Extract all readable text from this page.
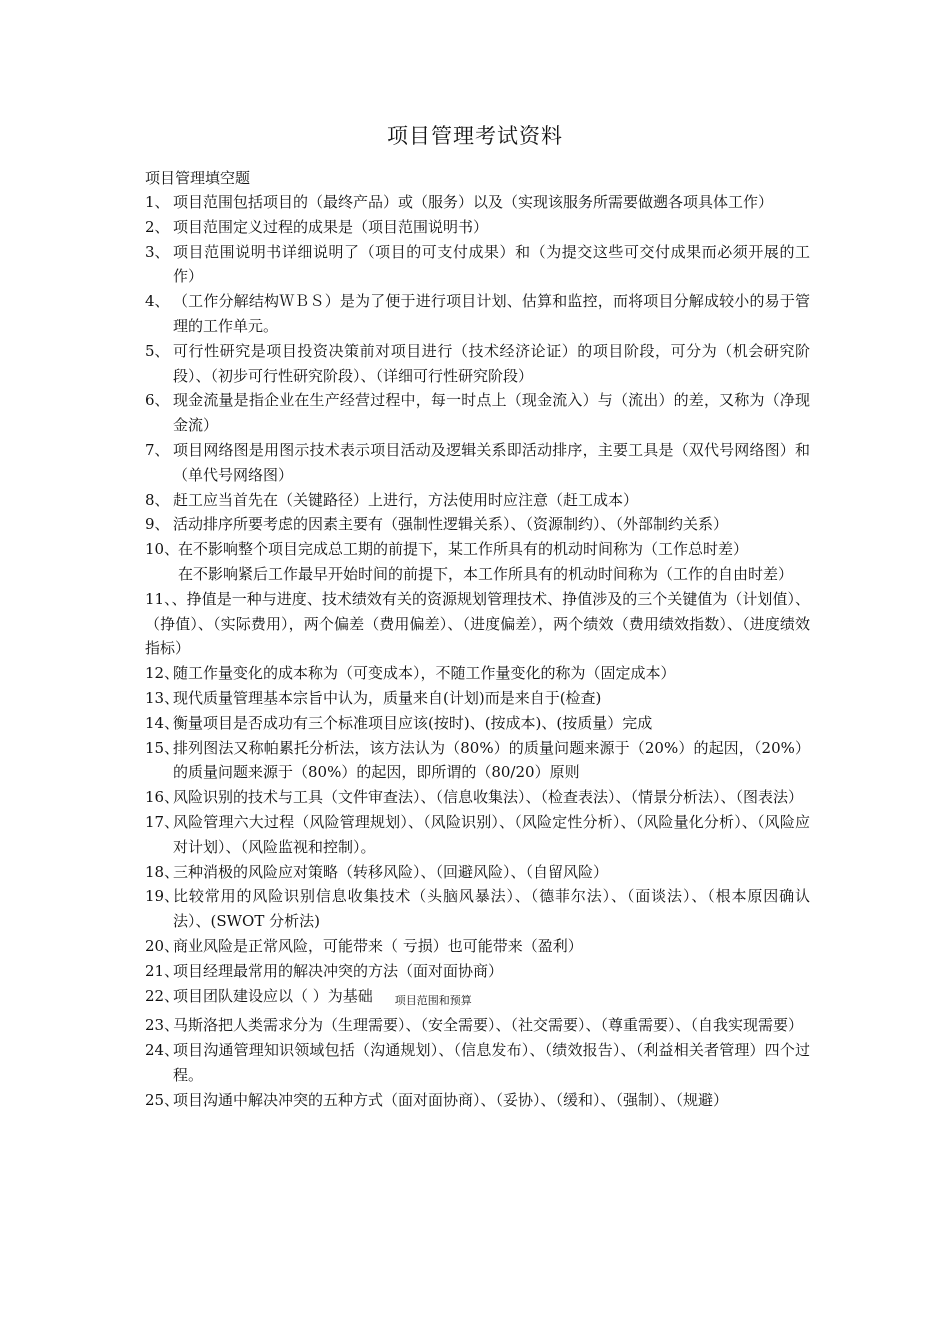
项目管理考试资料
项目管理填空题
1、 项目范围包括项目的（最终产品）或（服务）以及（实现该服务所需要做遡各项具体工作）
2、 项目范围定义过程的成果是（项目范围说明书）
3、 项目范围说明书详细说明了（项目的可支付成果）和（为提交这些可交付成果而必须开展的工作）
4、 （工作分解结构ＷＢＳ）是为了便于进行项目计划、估算和监控，而将项目分解成较小的易于管理的工作单元。
5、 可行性研究是项目投资决策前对项目进行（技术经济论证）的项目阶段，可分为（机会研究阶段）、（初步可行性研究阶段）、（详细可行性研究阶段）
6、 现金流量是指企业在生产经营过程中，每一时点上（现金流入）与（流出）的差，又称为（净现金流）
7、 项目网络图是用图示技术表示项目活动及逻辑关系即活动排序，主要工具是（双代号网络图）和（单代号网络图）
8、 赶工应当首先在（关键路径）上进行，方法使用时应注意（赶工成本）
9、 活动排序所要考虑的因素主要有（强制性逻辑关系）、（资源制约）、（外部制约关系）
10、
在不影响整个项目完成总工期的前提下，某工作所具有的机动时间称为（工作总时差）
在不影响紧后工作最早开始时间的前提下，本工作所具有的机动时间称为（工作的自由时差）
11、、挣值是一种与进度、技术绩效有关的资源规划管理技术、挣值涉及的三个关键值为（计划值）、（挣值）、（实际费用），两个偏差（费用偏差）、（进度偏差），两个绩效（费用绩效指数）、（进度绩效指标）
12、
随工作量变化的成本称为（可变成本），不随工作量变化的称为（固定成本）
13、
现代质量管理基本宗旨中认为，质量来自(计划)而是来自于(检查)
14、
衡量项目是否成功有三个标准项目应该(按时)、(按成本)、(按质量）完成
15、
排列图法又称帕累托分析法，该方法认为（80%）的质量问题来源于（20%）的起因，（20%）的质量问题来源于（80%）的起因，即所谓的（80/20）原则
16、
风险识别的技术与工具（文件审查法）、（信息收集法）、（检查表法）、（情景分析法）、（图表法）
17、
风险管理六大过程（风险管理规划）、（风险识别）、（风险定性分析）、（风险量化分析）、（风险应对计划）、（风险监视和控制）。
18、
三种消极的风险应对策略（转移风险）、（回避风险）、（自留风险）
19、
比较常用的风险识别信息收集技术（头脑风暴法）、（德菲尔法）、（面谈法）、（根本原因确认法）、(SWOT 分析法)
20、
商业风险是正常风险，可能带来（ 亏损）也可能带来（盈利）
21、
项目经理最常用的解决冲突的方法（面对面协商）
22、
项目团队建设应以（ ）为基础 $_{项目范围和预算}$
23、
马斯洛把人类需求分为（生理需要）、（安全需要）、（社交需要）、（尊重需要）、（自我实现需要）
24、
项目沟通管理知识领域包括（沟通规划）、（信息发布）、（绩效报告）、（利益相关者管理）四个过程。
25、
项目沟通中解决冲突的五种方式（面对面协商）、（妥协）、（缓和）、（强制）、（规避）
